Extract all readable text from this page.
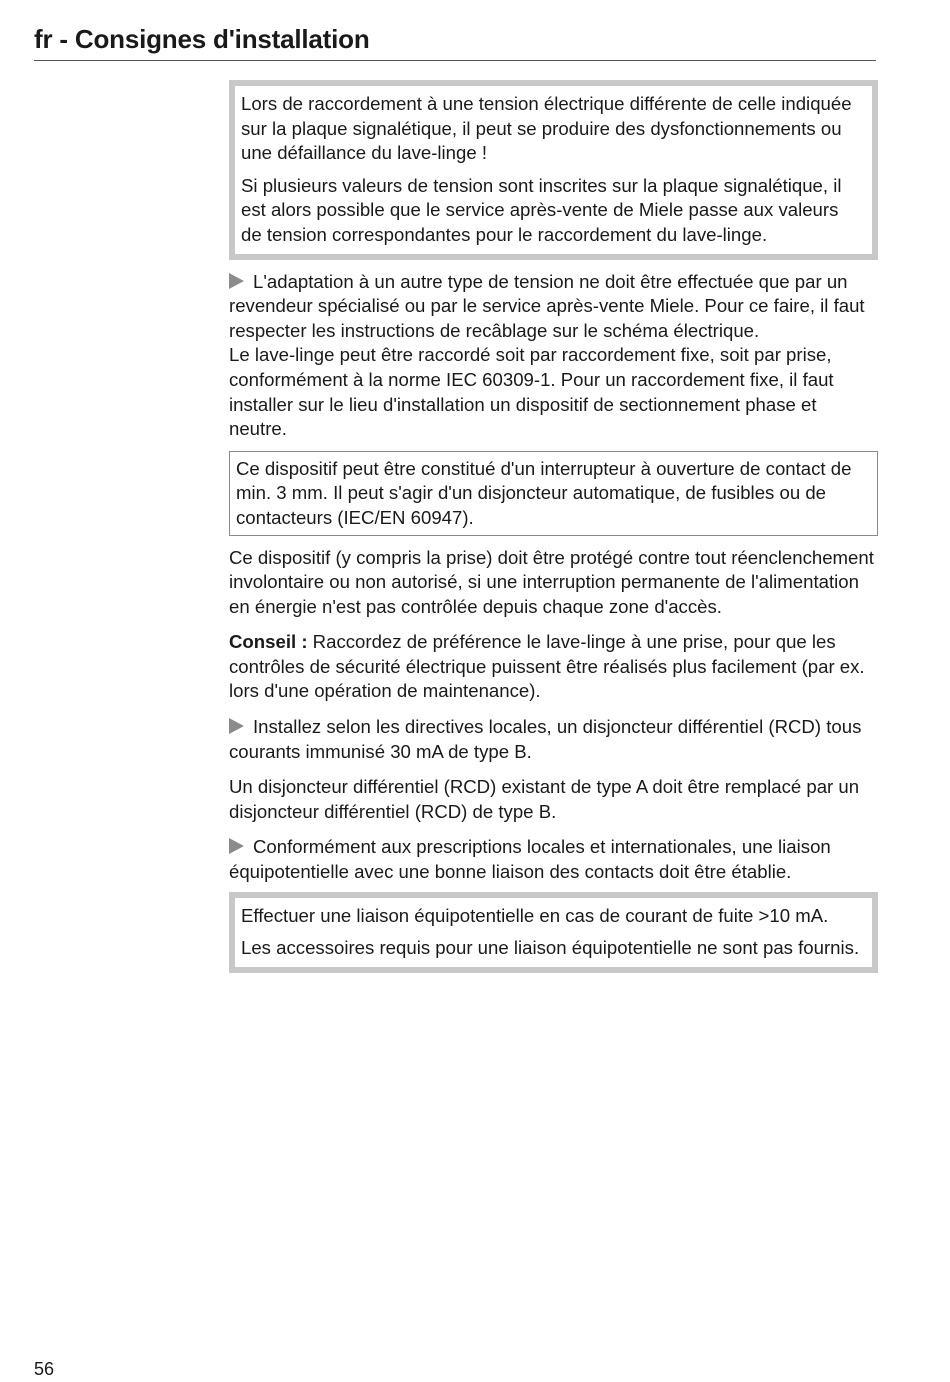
fr - Consignes d'installation

Lors de raccordement à une tension électrique différente de celle indiquée sur la plaque signalétique, il peut se produire des dysfonctionnements ou une défaillance du lave-linge !

Si plusieurs valeurs de tension sont inscrites sur la plaque signalétique, il est alors possible que le service après-vente de Miele passe aux valeurs de tension correspondantes pour le raccordement du lave-linge.

L'adaptation à un autre type de tension ne doit être effectuée que par un revendeur spécialisé ou par le service après-vente Miele. Pour ce faire, il faut respecter les instructions de recâblage sur le schéma électrique.

Le lave-linge peut être raccordé soit par raccordement fixe, soit par prise, conformément à la norme IEC 60309-1. Pour un raccordement fixe, il faut installer sur le lieu d'installation un dispositif de sectionnement phase et neutre.

Ce dispositif peut être constitué d'un interrupteur à ouverture de contact de min. 3 mm. Il peut s'agir d'un disjoncteur automatique, de fusibles ou de contacteurs (IEC/EN 60947).

Ce dispositif (y compris la prise) doit être protégé contre tout réenclenchement involontaire ou non autorisé, si une interruption permanente de l'alimentation en énergie n'est pas contrôlée depuis chaque zone d'accès.

Conseil : Raccordez de préférence le lave-linge à une prise, pour que les contrôles de sécurité électrique puissent être réalisés plus facilement (par ex. lors d'une opération de maintenance).

Installez selon les directives locales, un disjoncteur différentiel (RCD) tous courants immunisé 30 mA de type B.

Un disjoncteur différentiel (RCD) existant de type A doit être remplacé par un disjoncteur différentiel (RCD) de type B.

Conformément aux prescriptions locales et internationales, une liaison équipotentielle avec une bonne liaison des contacts doit être établie.

Effectuer une liaison équipotentielle en cas de courant de fuite >10 mA.

Les accessoires requis pour une liaison équipotentielle ne sont pas fournis.

56
